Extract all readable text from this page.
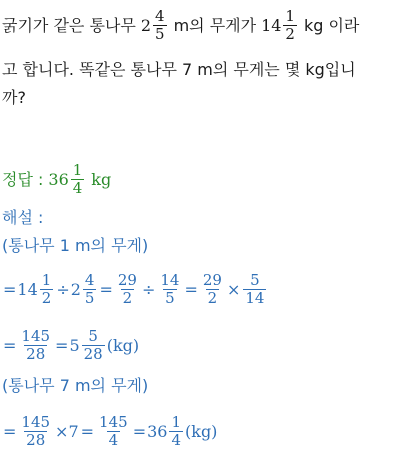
굵기가 같은 통나무 $2 \frac{4}{5}$ m의 무게가 $14 \frac{1}{2}$ kg 이라
고 합니다. 똑같은 통나무 7 m의 무게는 몇 kg입니
까?
정답 : $36 \frac{1}{4}$ kg
해설 :
(통나무 1 m의 무게)
= $14 \frac{1}{2} \div 2 \frac{4}{5} = \frac{29}{2} \div \frac{14}{5} = \frac{29}{2} \times \frac{5}{14}$
= $\frac{145}{28} = 5 \frac{5}{28} (kg)$
(통나무 7 m의 무게)
= $\frac{145}{28} \times 7 = \frac{145}{4} = 36 \frac{1}{4} (kg)$
